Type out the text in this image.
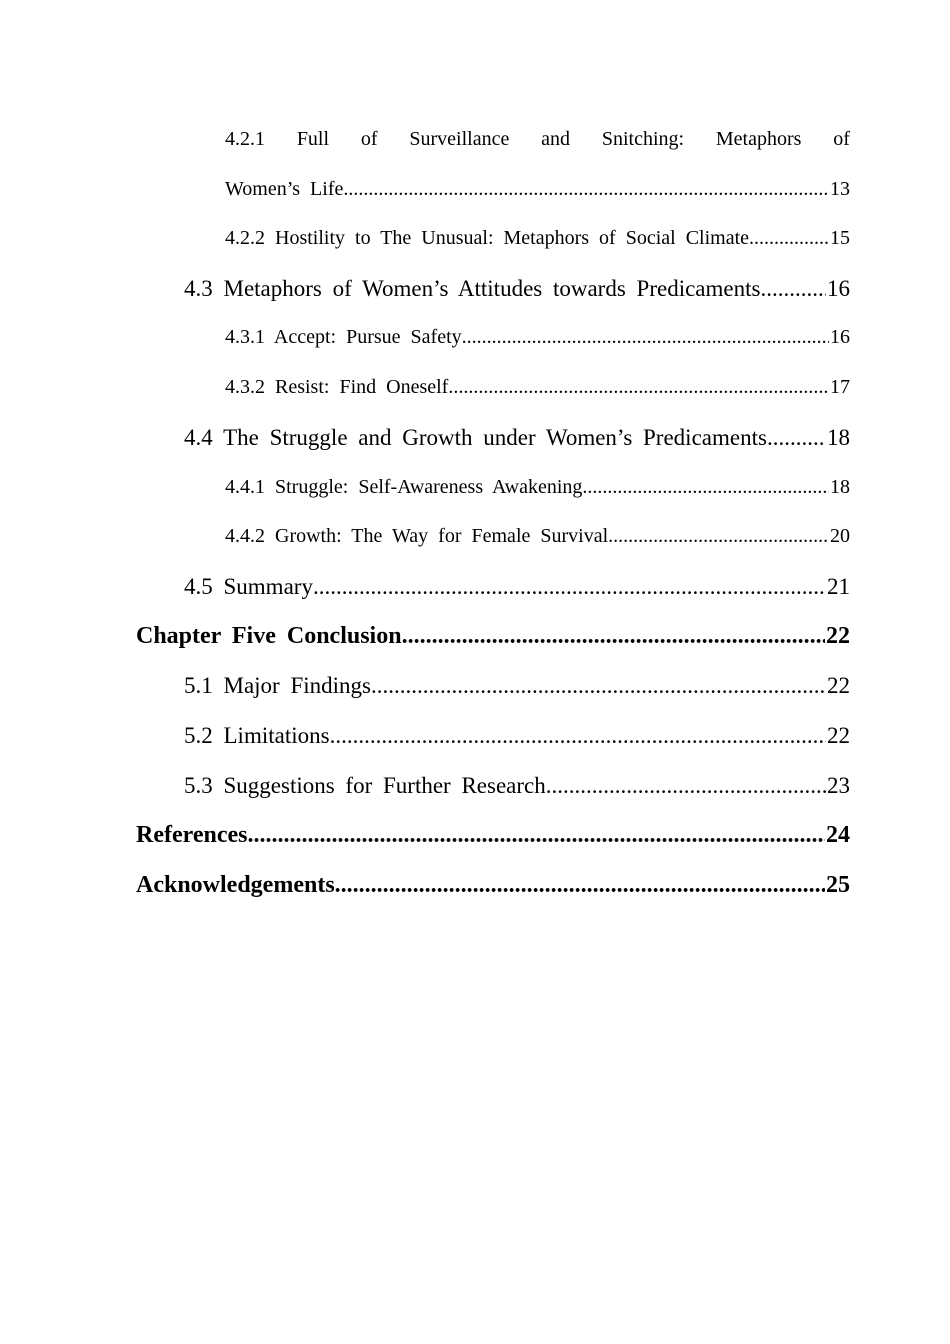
4.2.1 Full of Surveillance and Snitching: Metaphors of
Women’s Life .....	13
4.2.2 Hostility to The Unusual: Metaphors of Social Climate .....	15
4.3 Metaphors of Women’s Attitudes towards Predicaments .....	16
4.3.1 Accept: Pursue Safety .....	16
4.3.2 Resist: Find Oneself .....	17
4.4 The Struggle and Growth under Women’s Predicaments .....	18
4.4.1 Struggle: Self-Awareness Awakening .....	18
4.4.2 Growth: The Way for Female Survival .....	20
4.5 Summary .....	21
Chapter Five Conclusion .....	22
5.1 Major Findings .....	22
5.2 Limitations .....	22
5.3 Suggestions for Further Research .....	23
References .....	24
Acknowledgements .....	25
